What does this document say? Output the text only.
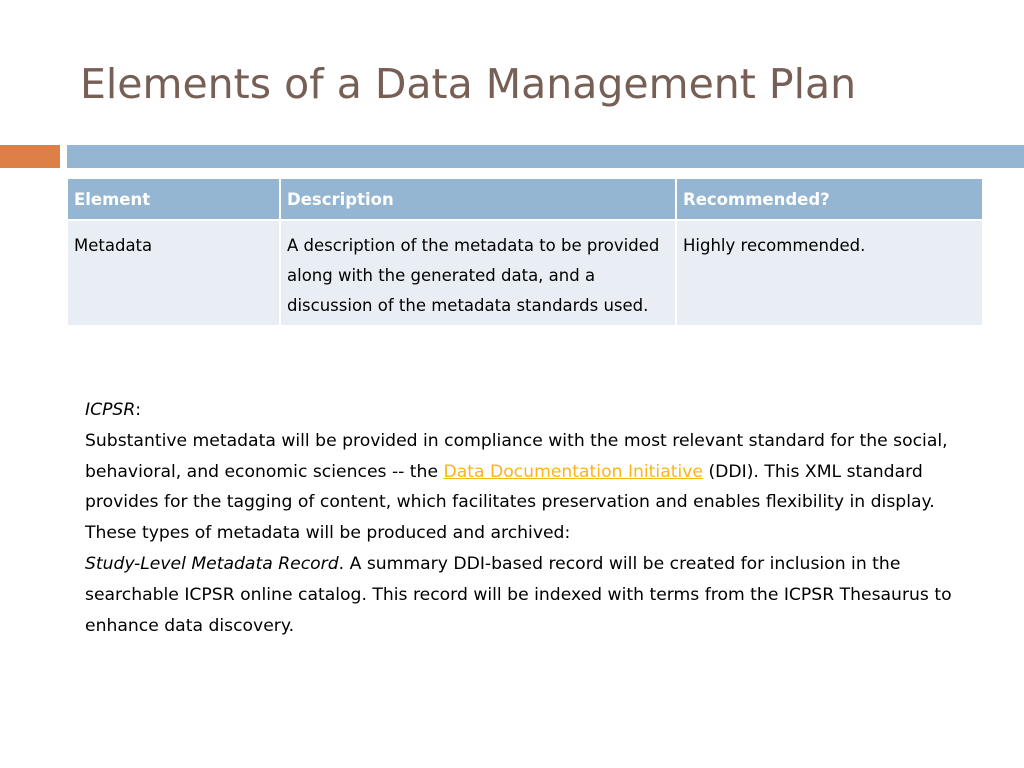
Elements of a Data Management Plan
Element	Description	Recommended?
Metadata	A description of the metadata to be provided along with the generated data, and a discussion of the metadata standards used.	Highly recommended.

ICPSR:

Substantive metadata will be provided in compliance with the most relevant standard for the social, behavioral, and economic sciences -- the Data Documentation Initiative (DDI). This XML standard provides for the tagging of content, which facilitates preservation and enables flexibility in display. These types of metadata will be produced and archived:

Study-Level Metadata Record. A summary DDI-based record will be created for inclusion in the searchable ICPSR online catalog. This record will be indexed with terms from the ICPSR Thesaurus to enhance data discovery.
